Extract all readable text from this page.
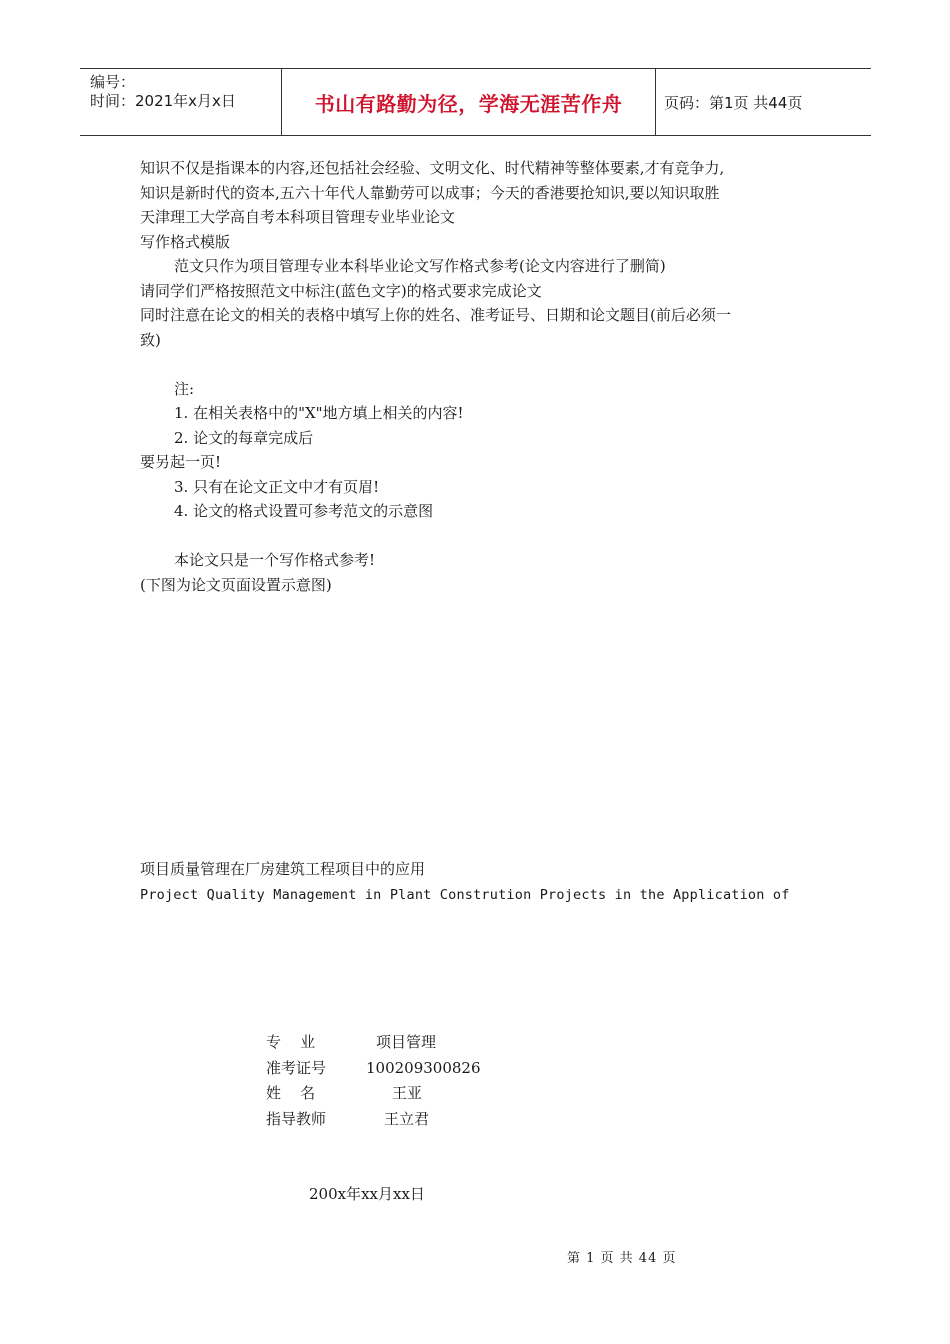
编号：
时间：2021年x月x日	书山有路勤为径，学海无涯苦作舟	页码：第1页 共44页
知识不仅是指课本的内容,还包括社会经验、文明文化、时代精神等整体要素,才有竞争力,
知识是新时代的资本,五六十年代人靠勤劳可以成事；今天的香港要抢知识,要以知识取胜
天津理工大学高自考本科项目管理专业毕业论文
写作格式模版
范文只作为项目管理专业本科毕业论文写作格式参考(论文内容进行了删简)
请同学们严格按照范文中标注(蓝色文字)的格式要求完成论文
同时注意在论文的相关的表格中填写上你的姓名、准考证号、日期和论文题目(前后必须一
致)
注:
1. 在相关表格中的"X"地方填上相关的内容!
2. 论文的每章完成后
要另起一页!
3. 只有在论文正文中才有页眉!
4. 论文的格式设置可参考范文的示意图
本论文只是一个写作格式参考!
(下图为论文页面设置示意图)
项目质量管理在厂房建筑工程项目中的应用
Project Quality Management in Plant Constrution Projects in the Application of
专    业	项目管理
准考证号	100209300826
姓    名	王亚
指导教师	王立君
200x年xx月xx日
第 1 页 共 44 页
